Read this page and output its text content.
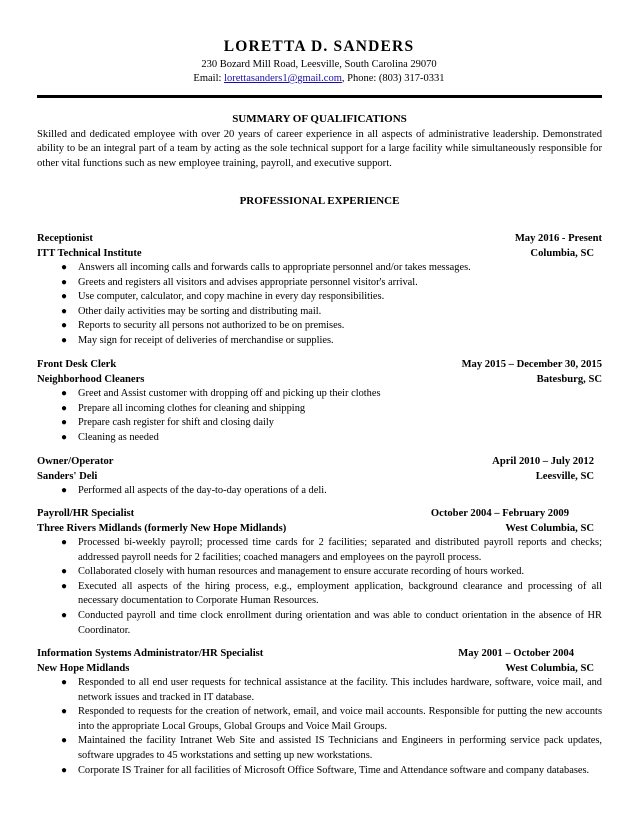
LORETTA D. SANDERS
230 Bozard Mill Road, Leesville, South Carolina 29070
Email: lorettasanders1@gmail.com, Phone: (803) 317-0331
SUMMARY OF QUALIFICATIONS
Skilled and dedicated employee with over 20 years of career experience in all aspects of administrative leadership. Demonstrated ability to be an integral part of a team by acting as the sole technical support for a large facility while simultaneously responsible for other vital functions such as new employee training, payroll, and executive support.
PROFESSIONAL EXPERIENCE
Receptionist	May 2016 - Present
ITT Technical Institute	Columbia, SC
● Answers all incoming calls and forwards calls to appropriate personnel and/or takes messages.
● Greets and registers all visitors and advises appropriate personnel visitor's arrival.
● Use computer, calculator, and copy machine in every day responsibilities.
● Other daily activities may be sorting and distributing mail.
● Reports to security all persons not authorized to be on premises.
● May sign for receipt of deliveries of merchandise or supplies.
Front Desk Clerk	May 2015 – December 30, 2015
Neighborhood Cleaners	Batesburg, SC
● Greet and Assist customer with dropping off and picking up their clothes
● Prepare all incoming clothes for cleaning and shipping
● Prepare cash register for shift and closing daily
● Cleaning as needed
Owner/Operator	April 2010 – July 2012
Sanders' Deli	Leesville, SC
● Performed all aspects of the day-to-day operations of a deli.
Payroll/HR Specialist	October 2004 – February 2009
Three Rivers Midlands (formerly New Hope Midlands)	West Columbia, SC
● Processed bi-weekly payroll; processed time cards for 2 facilities; separated and distributed payroll reports and checks; addressed payroll needs for 2 facilities; coached managers and employees on the payroll process.
● Collaborated closely with human resources and management to ensure accurate recording of hours worked.
● Executed all aspects of the hiring process, e.g., employment application, background clearance and processing of all necessary documentation to Corporate Human Resources.
● Conducted payroll and time clock enrollment during orientation and was able to conduct orientation in the absence of HR Coordinator.
Information Systems Administrator/HR Specialist	May 2001 – October 2004
New Hope Midlands	West Columbia, SC
● Responded to all end user requests for technical assistance at the facility. This includes hardware, software, voice mail, and network issues and tracked in IT database.
● Responded to requests for the creation of network, email, and voice mail accounts. Responsible for putting the new accounts into the appropriate Local Groups, Global Groups and Voice Mail Groups.
● Maintained the facility Intranet Web Site and assisted IS Technicians and Engineers in performing service pack updates, software upgrades to 45 workstations and setting up new workstations.
● Corporate IS Trainer for all facilities of Microsoft Office Software, Time and Attendance software and company databases.
